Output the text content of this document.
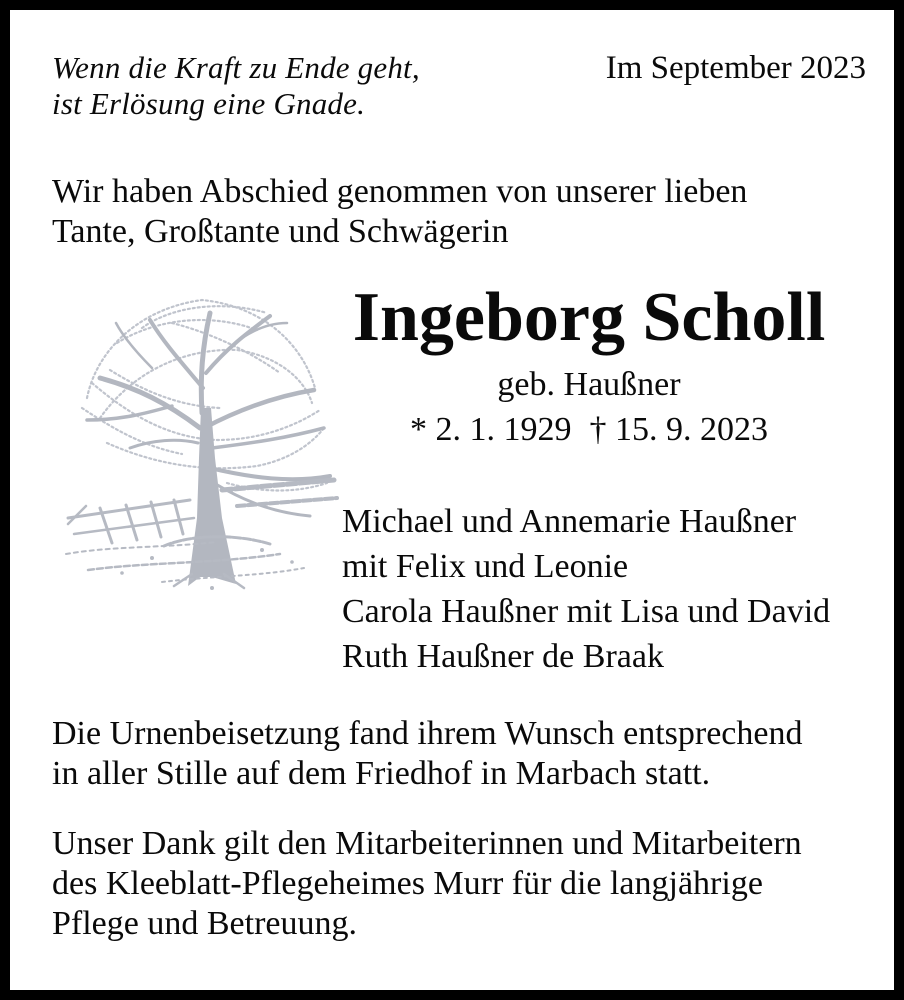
Wenn die Kraft zu Ende geht,
ist Erlösung eine Gnade.
Im September 2023
Wir haben Abschied genommen von unserer lieben
Tante, Großtante und Schwägerin
Ingeborg Scholl
geb. Haußner
* 2. 1. 1929 † 15. 9. 2023
Michael und Annemarie Haußner
mit Felix und Leonie
Carola Haußner mit Lisa und David
Ruth Haußner de Braak
Die Urnenbeisetzung fand ihrem Wunsch entsprechend
in aller Stille auf dem Friedhof in Marbach statt.
Unser Dank gilt den Mitarbeiterinnen und Mitarbeitern
des Kleeblatt-Pflegeheimes Murr für die langjährige
Pflege und Betreuung.
